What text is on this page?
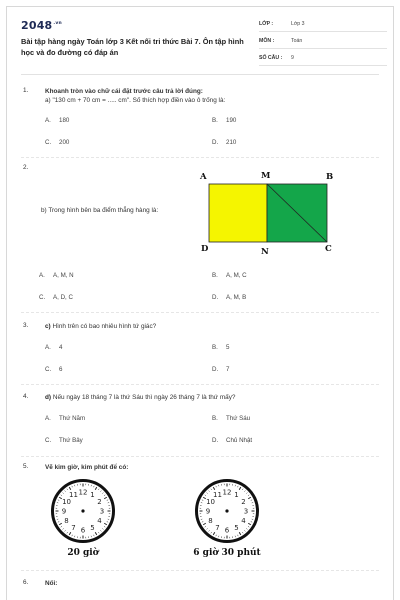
$2048^{.vn}$
Bài tập hàng ngày Toán lớp 3 Kết nối tri thức Bài 7. Ôn tập hình học và đo đường có đáp án
LỚP :	Lớp 3
MÔN :	Toán
SỐ CÂU : 9
1.	Khoanh tròn vào chữ cái đặt trước câu trả lời đúng:
a) "130 cm + 70 cm = ..... cm". Số thích hợp điền vào ô trống là:
A. 180	B. 190
C. 200	D. 210
2.
b) Trong hình bên ba điểm thẳng hàng là:
A	M	B
D	N	C
A. A, M, N	B. A, M, C
C. A, D, C	D. A, M, B
3.	c) Hình trên có bao nhiêu hình tứ giác?
A. 4	B. 5
C. 6	D. 7
4.	d) Nếu ngày 18 tháng 7 là thứ Sáu thì ngày 26 tháng 7 là thứ mấy?
A. Thứ Năm	B. Thứ Sáu
C. Thứ Bảy	D. Chủ Nhật
5.	Vẽ kim giờ, kim phút để có:
12 1
2
3
4
5
6
7
8
9
10
11
20 giờ
12 1
2
3
4
5
6
7
8
9
10
11
6 giờ 30 phút
6.	Nối:
